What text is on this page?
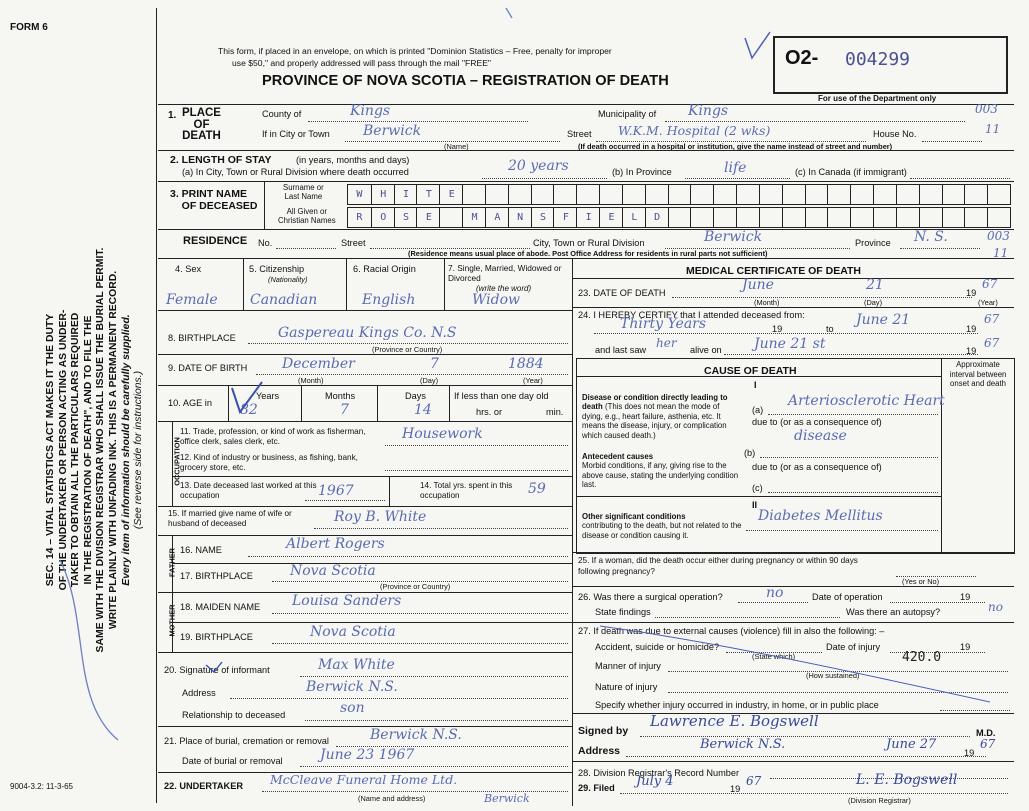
FORM 6
SEC. 14 – VITAL STATISTICS ACT MAKES IT THE DUTY OF THE UNDERTAKER OR PERSON ACTING AS UNDER- TAKER TO OBTAIN ALL THE PARTICULARS REQUIRED IN THE REGISTRATION OF DEATH", AND TO FILE THE SAME WITH THE DIVISION REGISTRAR WHO SHALL ISSUE THE BURIAL PERMIT. WRITE PLAINLY WITH UNFADING INK. THIS IS A PERMANENT RECORD. Every item of information should be carefully supplied. (See reverse side for instructions.)
9004-3.2: 11-3-65
This form, if placed in an envelope, on which is printed "Dominion Statistics – Free, penalty for improper
use $50," and properly addressed will pass through the mail "FREE"
PROVINCE OF NOVA SCOTIA – REGISTRATION OF DEATH
O2- 004299
For use of the Department only
1. PLACE
OF
DEATH
County of	Kings	Municipality of Kings	003
If in City or Town Berwick	Street W.K.M. Hospital (2 wks)	House No.	11
(Name)	(If death occurred in a hospital or institution, give the name instead of street and number)
2. LENGTH OF STAY	(in years, months and days)
(a) In City, Town or Rural Division where death occurred	20 years	(b) In Province	life	(c) In Canada (if immigrant)
3. PRINT NAME
OF DECEASED
Surname or
Last Name
All Given or
Christian Names
W	H	I	T	E
R	O	S	E	M	A	N	S	F	I	E	L	D
RESIDENCE No.	Street	City, Town or Rural Division	Berwick	Province N. S.	003
11
(Residence means usual place of abode. Post Office Address for residents in rural parts not sufficient)
4. Sex
Female
5. Citizenship
(Nationality)
Canadian
6. Racial Origin
English
7. Single, Married, Widowed or Divorced
(write the word)
Widow
8. BIRTHPLACE	Gaspereau Kings Co. N.S
(Province or Country)
9. DATE OF BIRTH December	7	1884
(Month)	(Day)	(Year)
10. AGE in
Years	Months	Days
82	7	14
If less than one day old
hrs. or	min.
OCCUPATION
11. Trade, profession, or kind of work as fisherman, office clerk, sales clerk, etc.	Housework
12. Kind of industry or business, as fishing, bank, grocery store, etc.
13. Date deceased last worked at this occupation	1967	14. Total yrs. spent in this occupation	59
15. If married give name of wife or husband of deceased	Roy B. White
FATHER 16. NAME	Albert Rogers
17. BIRTHPLACE	Nova Scotia
(Province or Country)
MOTHER 18. MAIDEN NAME Louisa Sanders
19. BIRTHPLACE	Nova Scotia
20. Signature of informant	Max White
Address	Berwick N.S.
Relationship to deceased	son
21. Place of burial, cremation or removal	Berwick N.S.
Date of burial or removal	June 23 1967
22. UNDERTAKER McCleave Funeral Home Ltd.
Berwick
(Name and address)
MEDICAL CERTIFICATE OF DEATH
23. DATE OF DEATH	June	21	19
67
(Month)	(Day)	(Year)
24. I HEREBY CERTIFY that I attended deceased from:
Thirty Years	19	to
June 21
19
67
and last saw her alive on June 21 st	19
67
CAUSE OF DEATH
Approximate interval between onset and death
I
Disease or condition directly leading to death (This does not mean the mode of dying, e.g., heart failure, asthenia, etc. It means the disease, injury, or complication which caused death.)
(a)
Arteriosclerotic Heart
due to (or as a consequence of)
disease
Antecedent causes
Morbid conditions, if any, giving rise to the above cause, stating the underlying condition last.
(b)
due to (or as a consequence of)
(c)
II
Other significant conditions
contributing to the death, but not related to the disease or condition causing it.
Diabetes Mellitus
25. If a woman, did the death occur either during pregnancy or within 90 days following pregnancy?
(Yes or No)
26. Was there a surgical operation?	no	Date of operation	19
State findings	Was there an autopsy?	no
27. If death was due to external causes (violence) fill in also the following: –
Accident, suicide or homicide?
(State which)
Date of injury	19
Manner of injury
420.0
(How sustained)
Nature of injury
Specify whether injury occurred in industry, in home, or in public place
Signed by
Lawrence E. Bogswell
M.D.
Address	Berwick N.S.	June 27
19
67
28. Division Registrar's Record Number
29. Filed July 4	19
67	L. E. Bogswell
(Division Registrar)
